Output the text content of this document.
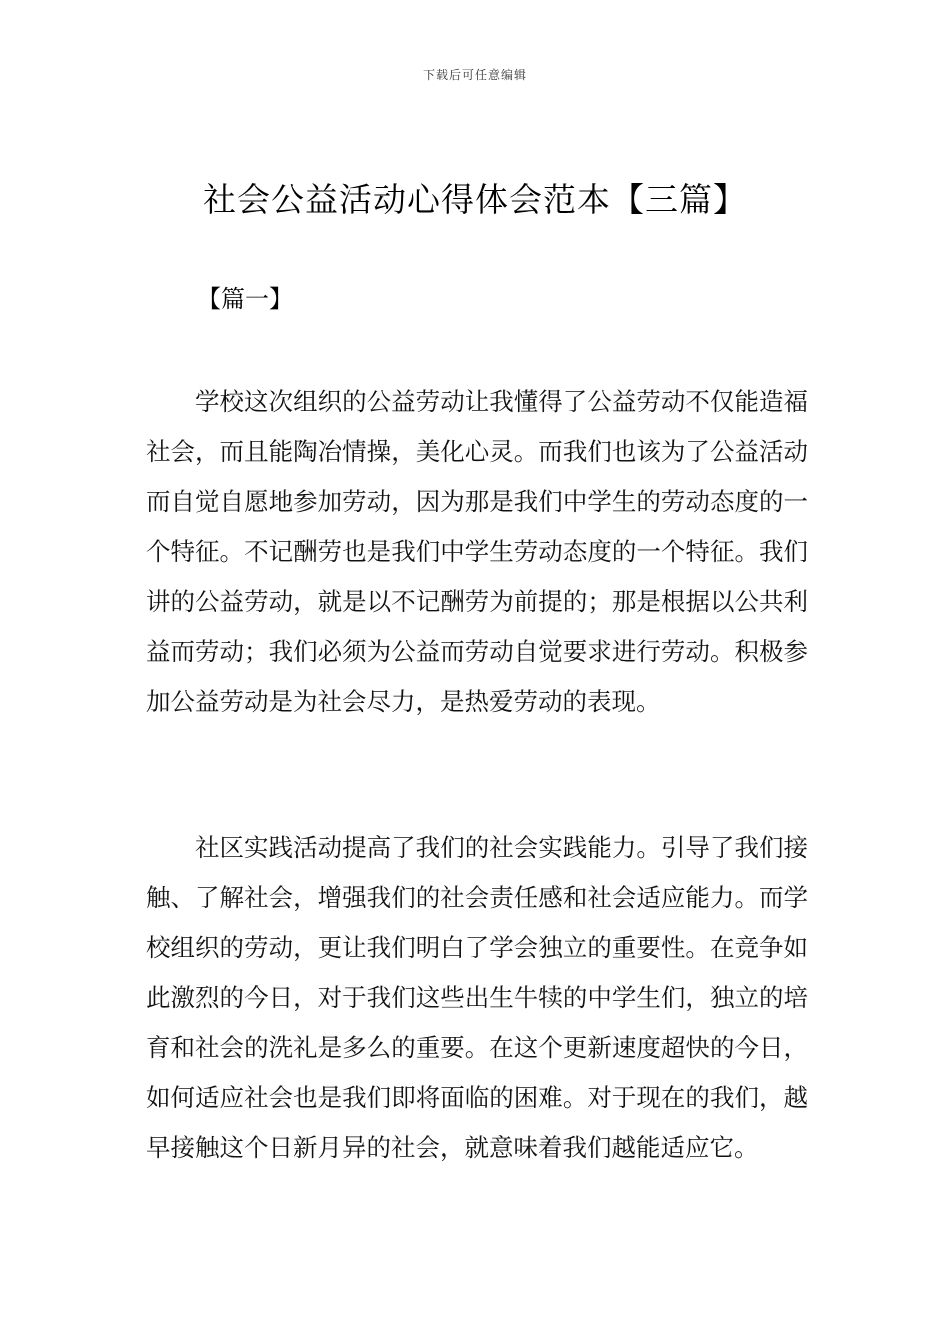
下载后可任意编辑
社会公益活动心得体会范本【三篇】
【篇一】

学校这次组织的公益劳动让我懂得了公益劳动不仅能造福社会，而且能陶冶情操，美化心灵。而我们也该为了公益活动而自觉自愿地参加劳动，因为那是我们中学生的劳动态度的一个特征。不记酬劳也是我们中学生劳动态度的一个特征。我们讲的公益劳动，就是以不记酬劳为前提的；那是根据以公共利益而劳动；我们必须为公益而劳动自觉要求进行劳动。积极参加公益劳动是为社会尽力，是热爱劳动的表现。

社区实践活动提高了我们的社会实践能力。引导了我们接触、了解社会，增强我们的社会责任感和社会适应能力。而学校组织的劳动，更让我们明白了学会独立的重要性。在竞争如此激烈的今日，对于我们这些出生牛犊的中学生们，独立的培育和社会的洗礼是多么的重要。在这个更新速度超快的今日，如何适应社会也是我们即将面临的困难。对于现在的我们，越早接触这个日新月异的社会，就意味着我们越能适应它。
